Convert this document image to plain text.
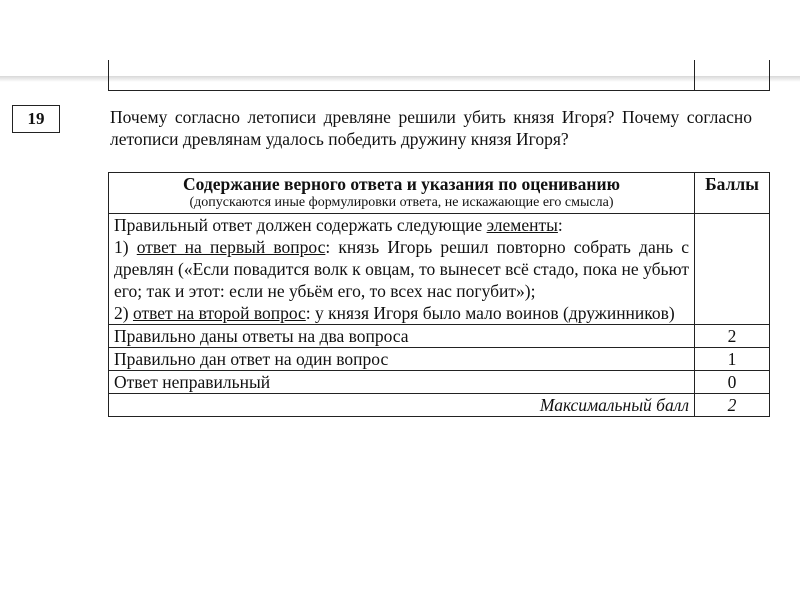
19	Почему согласно летописи древляне решили убить князя Игоря? Почему согласно летописи древлянам удалось победить дружину князя Игоря?
Содержание верного ответа и указания по оцениванию
(допускаются иные формулировки ответа, не искажающие его смысла)	Баллы

Правильный ответ должен содержать следующие элементы:
1) ответ на первый вопрос: князь Игорь решил повторно собрать дань с древлян («Если повадится волк к овцам, то вынесет всё стадо, пока не убьют его; так и этот: если не убьём его, то всех нас погубит»);
2) ответ на второй вопрос: у князя Игоря было мало воинов (дружинников)	

Правильно даны ответы на два вопроса	2
Правильно дан ответ на один вопрос	1
Ответ неправильный	0
Максимальный балл	2
